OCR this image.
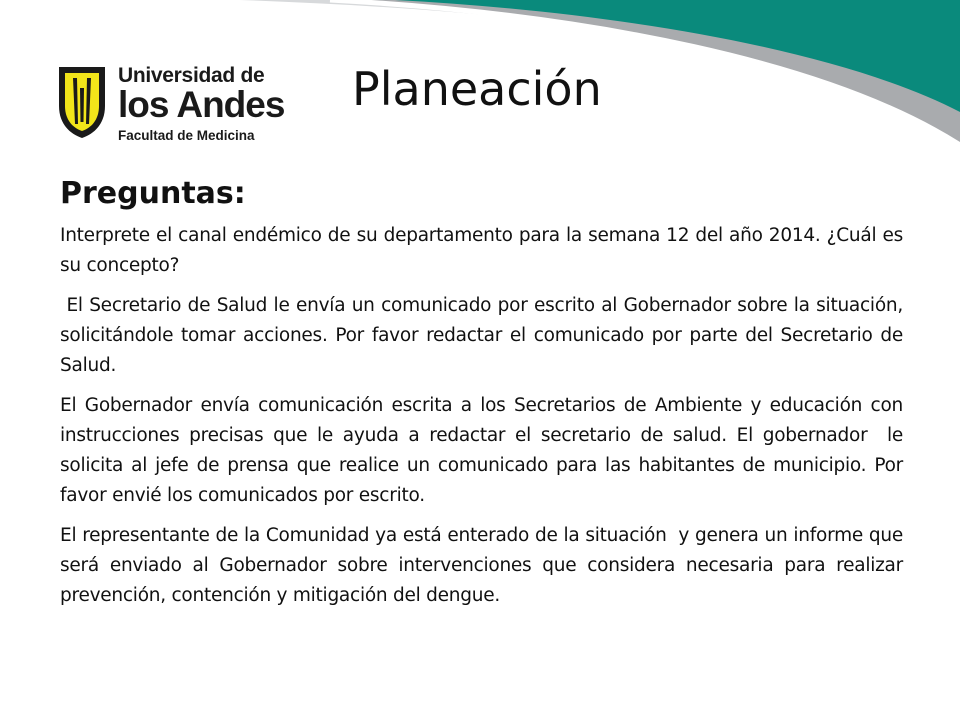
Universidad de
los Andes
Facultad de Medicina
Planeación
Preguntas:

Interprete el canal endémico de su departamento para la semana 12 del año 2014. ¿Cuál es su concepto?

El Secretario de Salud le envía un comunicado por escrito al Gobernador sobre la situación, solicitándole tomar acciones. Por favor redactar el comunicado por parte del Secretario de Salud.

El Gobernador envía comunicación escrita a los Secretarios de Ambiente y educación con instrucciones precisas que le ayuda a redactar el secretario de salud. El gobernador  le solicita al jefe de prensa que realice un comunicado para las habitantes de municipio. Por favor envié los comunicados por escrito.

El representante de la Comunidad ya está enterado de la situación  y genera un informe que será enviado al Gobernador sobre intervenciones que considera necesaria para realizar prevención, contención y mitigación del dengue.
